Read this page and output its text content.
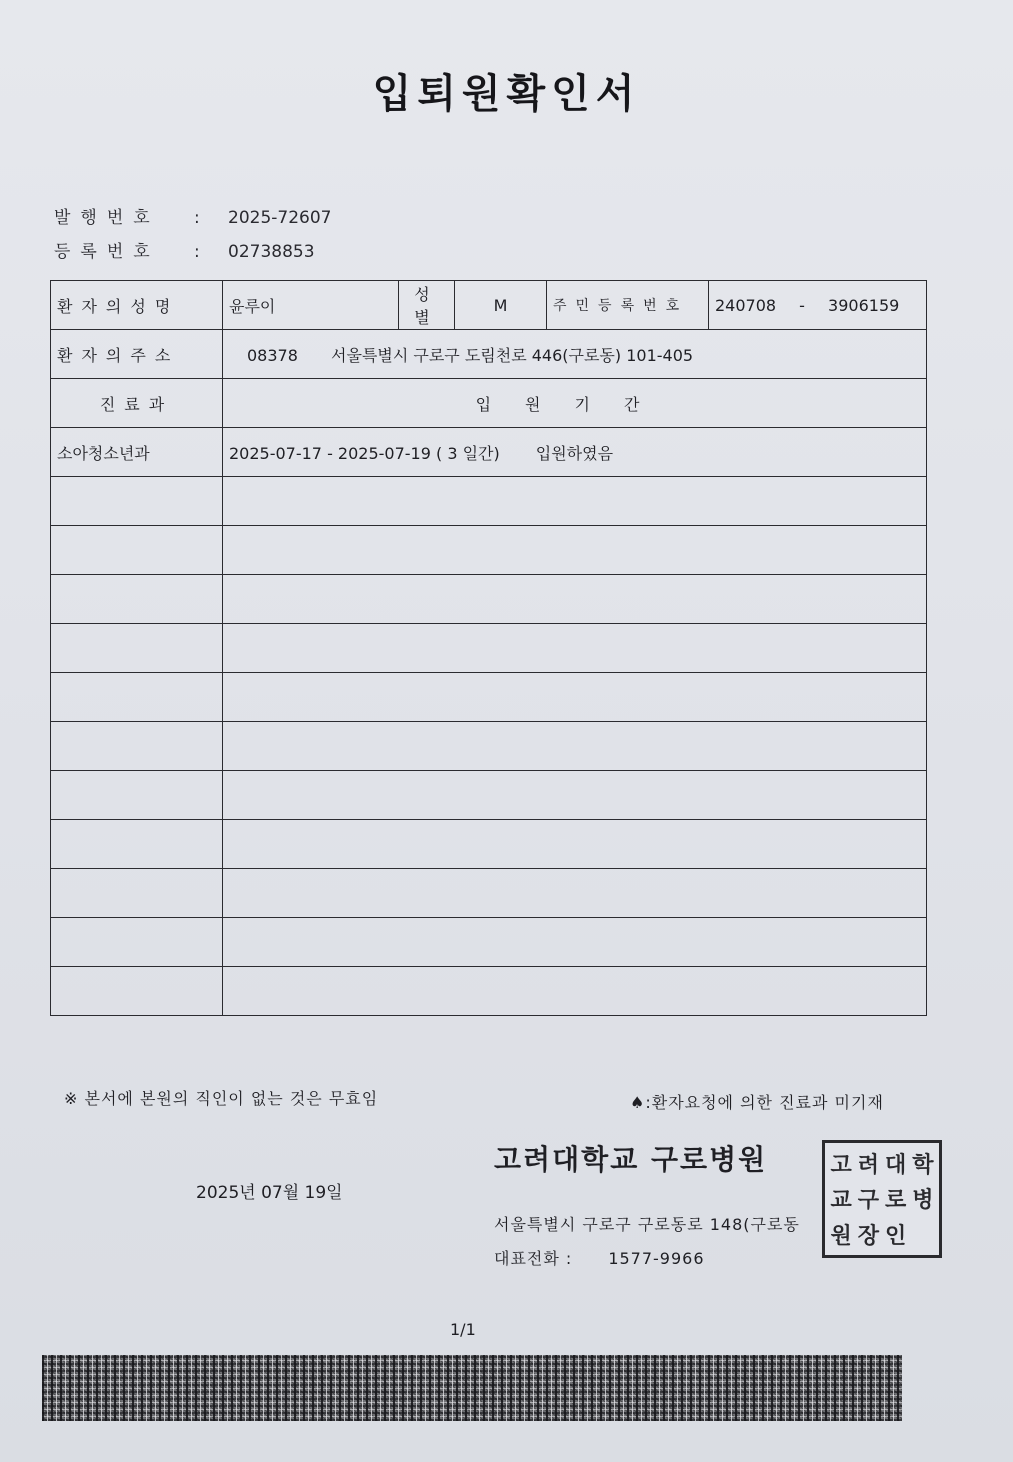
입퇴원확인서
발행번호 : 2025-72607
등록번호 : 02738853
환자의성명	윤루이	성별	M	주민등록번호	240708 - 3906159
환자의주소	08378 서울특별시 구로구 도림천로 446(구로동) 101-405				
진료과	입원기간				
소아청소년과	2025-07-17 - 2025-07-19 ( 3 일간) 입원하였음				

※ 본서에 본원의 직인이 없는 것은 무효임	♠:환자요청에 의한 진료과 미기재
고려대학교 구로병원
2025년 07월 19일
서울특별시 구로구 구로동로 148(구로동
대표전화 : 1577-9966
고 려 대 학
교 구 로 병
원 장 인
1/1
